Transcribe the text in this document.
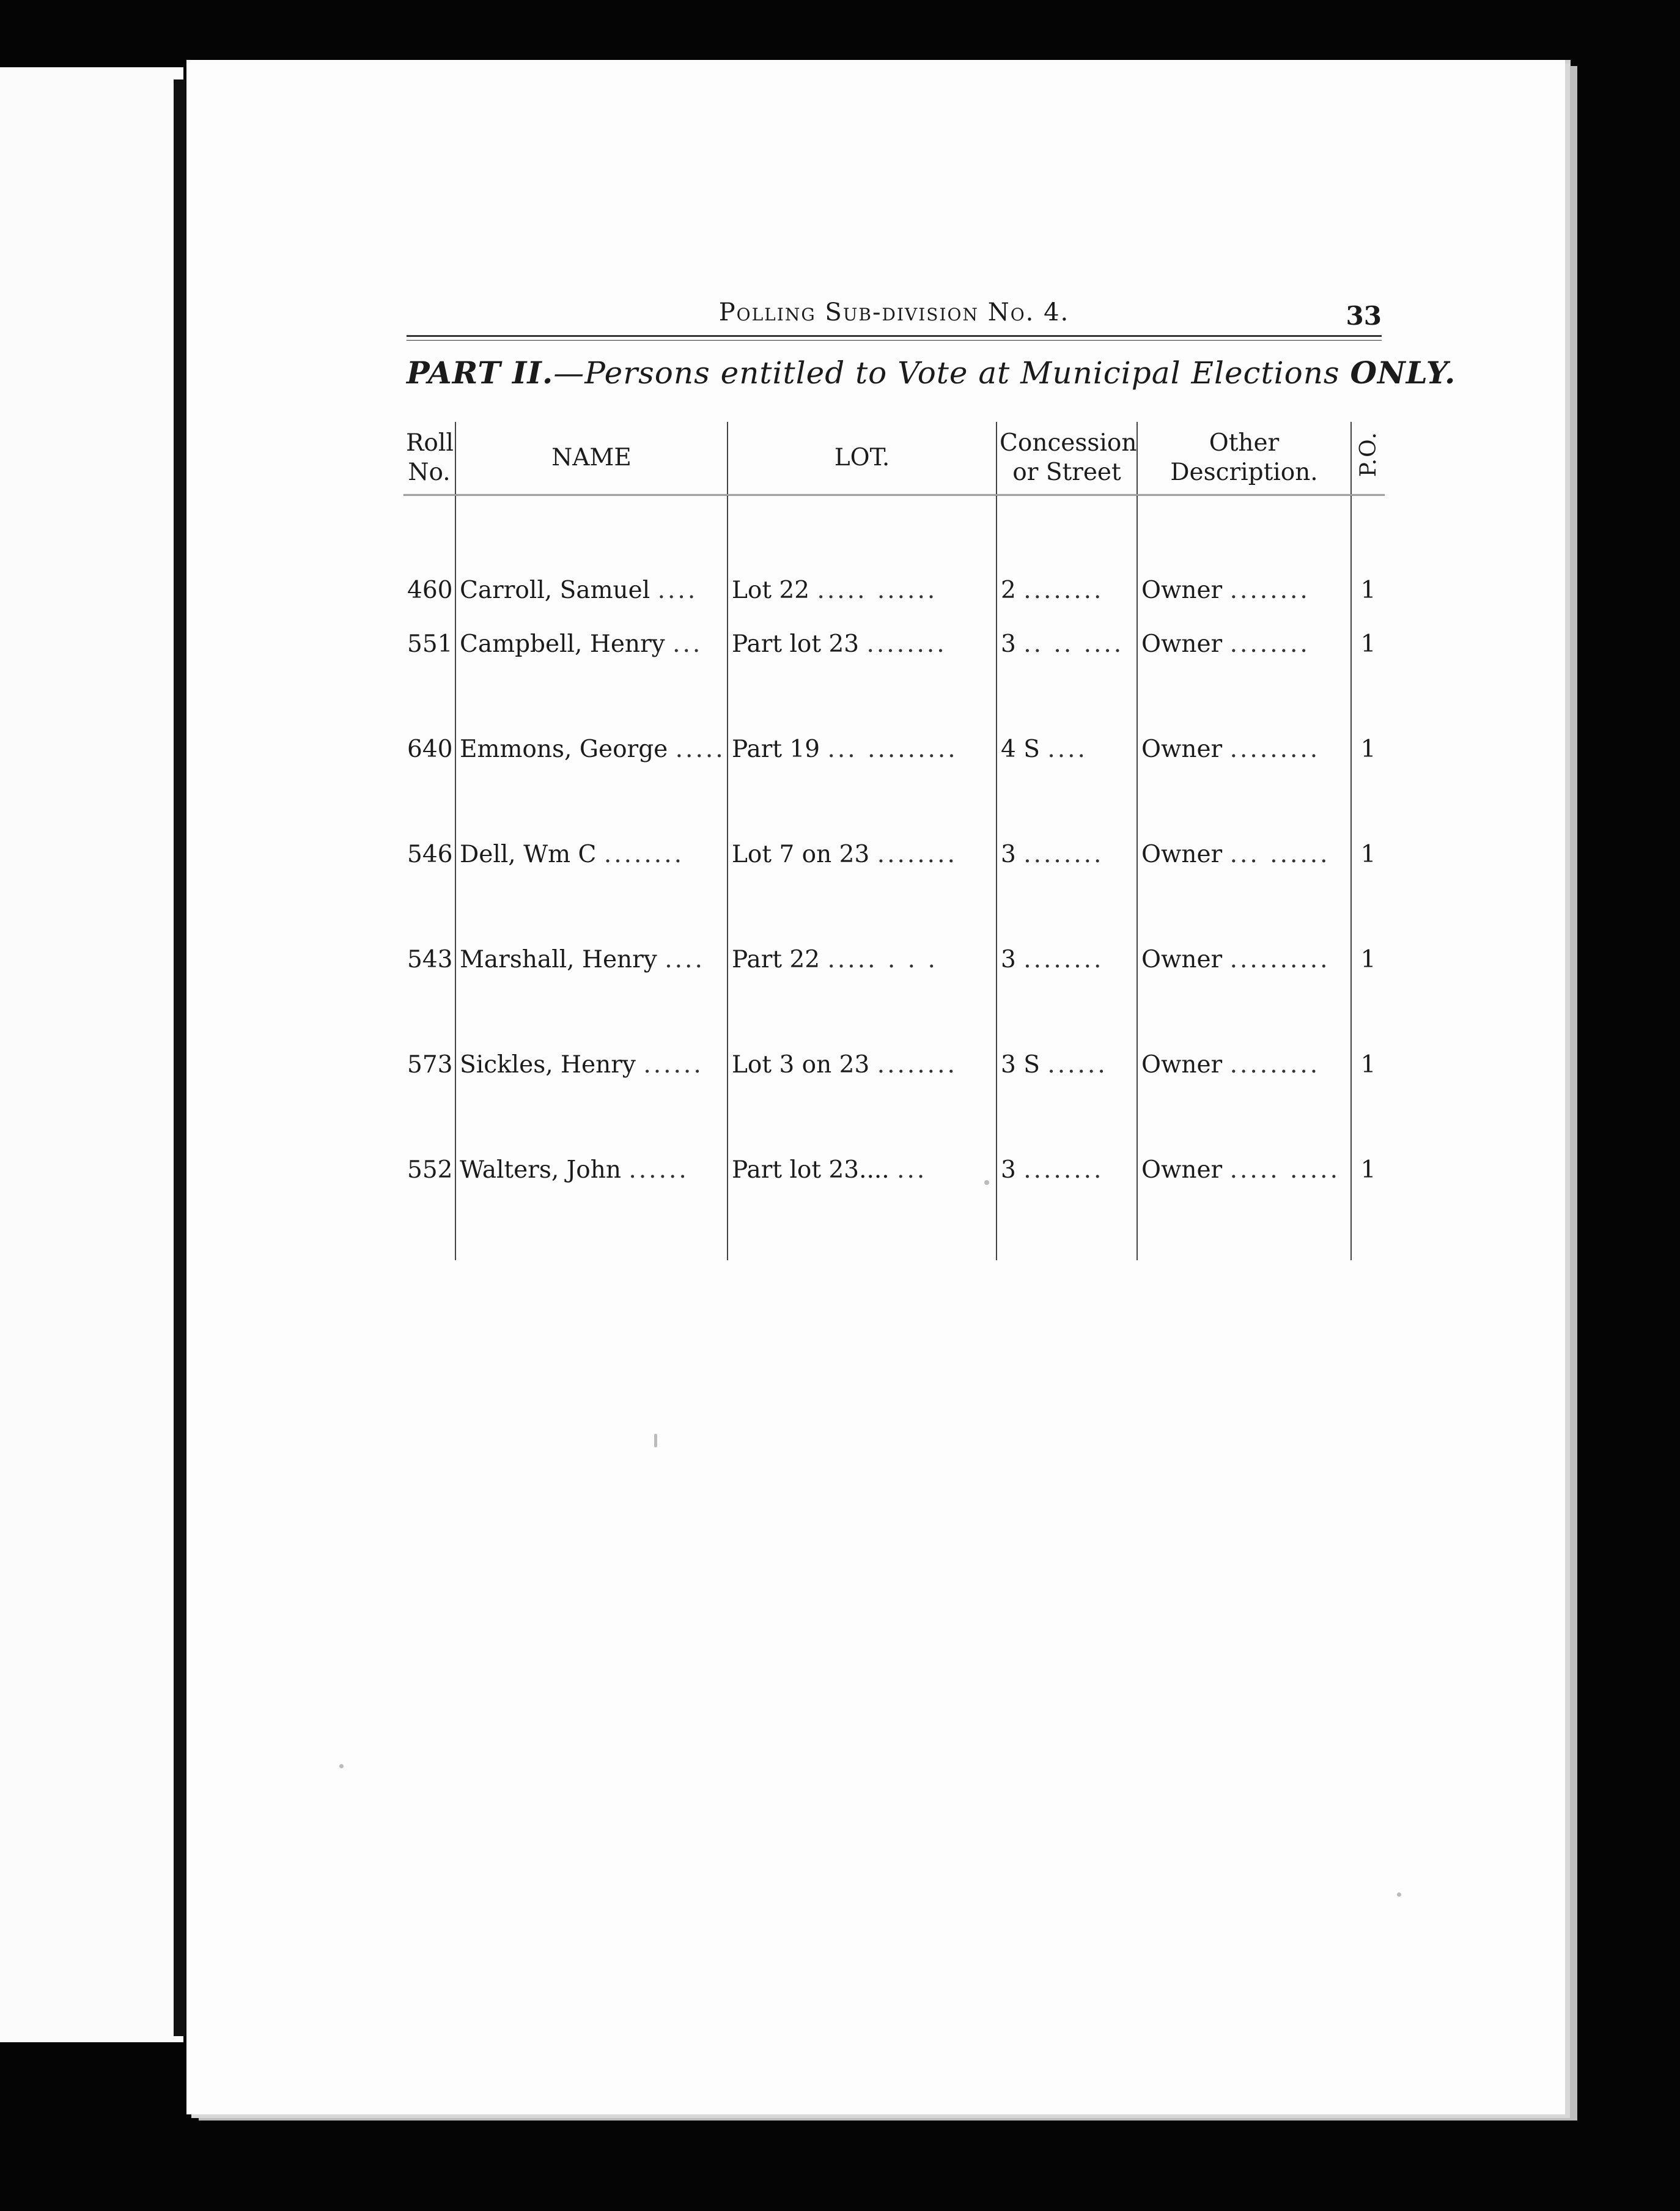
Polling Sub-division No. 4.	33
PART II.—Persons entitled to Vote at Municipal Elections ONLY.
Roll No.	NAME	LOT.	Concession or Street	Other Description.	P.O.
460	Carroll, Samuel ....	Lot 22 ..... ......	2 ........	Owner ........	1
551	Campbell, Henry ...	Part lot 23 ........	3 .. .. ....	Owner ........	1
640	Emmons, George .....	Part 19 ... .........	4 S ....	Owner .........	1
546	Dell, Wm C ........	Lot 7 on 23 ........	3 ........	Owner ... ......	1
543	Marshall, Henry ....	Part 22 ..... . . .	3 ........	Owner ..........	1
573	Sickles, Henry ......	Lot 3 on 23 ........	3 S ......	Owner .........	1
552	Walters, John ......	Part lot 23.... ...	3 ........	Owner ..... .....	1
